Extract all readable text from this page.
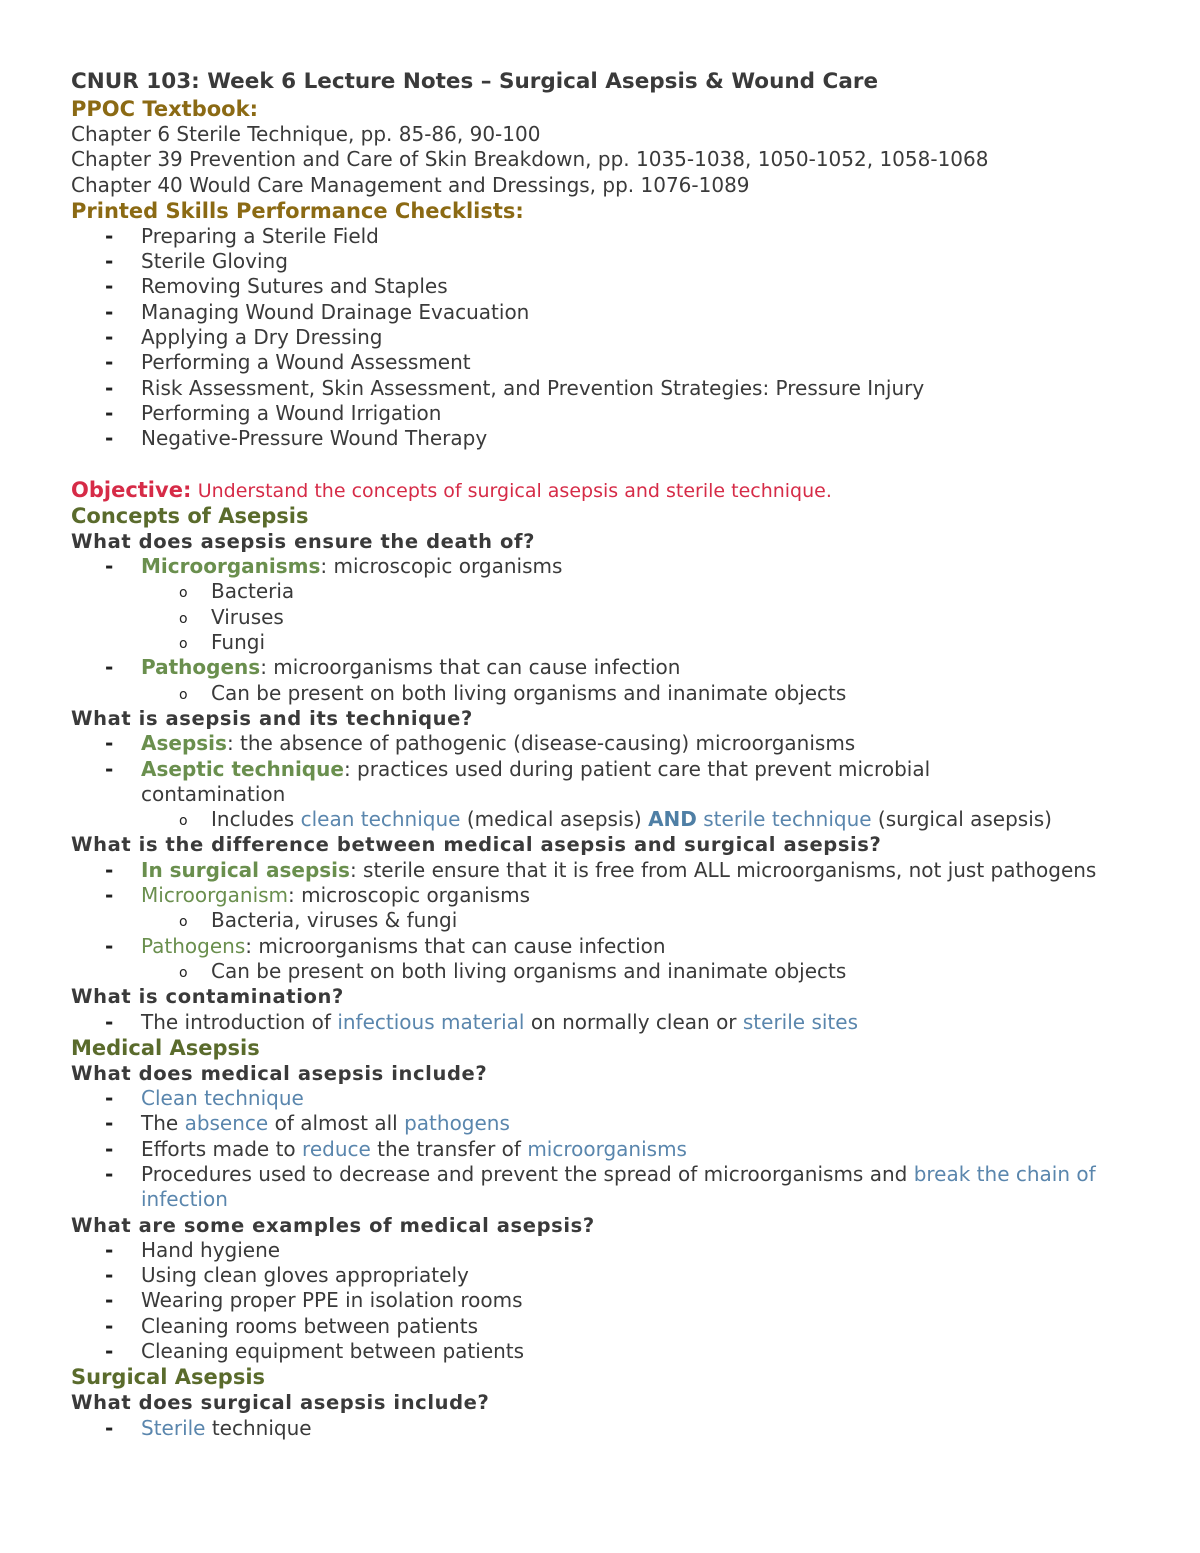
CNUR 103: Week 6 Lecture Notes – Surgical Asepsis & Wound Care
PPOC Textbook:
Chapter 6 Sterile Technique, pp. 85-86, 90-100
Chapter 39 Prevention and Care of Skin Breakdown, pp. 1035-1038, 1050-1052, 1058-1068
Chapter 40 Would Care Management and Dressings, pp. 1076-1089
Printed Skills Performance Checklists:
- Preparing a Sterile Field
- Sterile Gloving
- Removing Sutures and Staples
- Managing Wound Drainage Evacuation
- Applying a Dry Dressing
- Performing a Wound Assessment
- Risk Assessment, Skin Assessment, and Prevention Strategies: Pressure Injury
- Performing a Wound Irrigation
- Negative-Pressure Wound Therapy
Objective: Understand the concepts of surgical asepsis and sterile technique.
Concepts of Asepsis
What does asepsis ensure the death of?
- Microorganisms: microscopic organisms
o Bacteria
o Viruses
o Fungi
- Pathogens: microorganisms that can cause infection
o Can be present on both living organisms and inanimate objects
What is asepsis and its technique?
- Asepsis: the absence of pathogenic (disease-causing) microorganisms
- Aseptic technique: practices used during patient care that prevent microbial contamination
o Includes clean technique (medical asepsis) AND sterile technique (surgical asepsis)
What is the difference between medical asepsis and surgical asepsis?
- In surgical asepsis: sterile ensure that it is free from ALL microorganisms, not just pathogens
- Microorganism: microscopic organisms
o Bacteria, viruses & fungi
- Pathogens: microorganisms that can cause infection
o Can be present on both living organisms and inanimate objects
What is contamination?
- The introduction of infectious material on normally clean or sterile sites
Medical Asepsis
What does medical asepsis include?
- Clean technique
- The absence of almost all pathogens
- Efforts made to reduce the transfer of microorganisms
- Procedures used to decrease and prevent the spread of microorganisms and break the chain of infection
What are some examples of medical asepsis?
- Hand hygiene
- Using clean gloves appropriately
- Wearing proper PPE in isolation rooms
- Cleaning rooms between patients
- Cleaning equipment between patients
Surgical Asepsis
What does surgical asepsis include?
- Sterile technique
